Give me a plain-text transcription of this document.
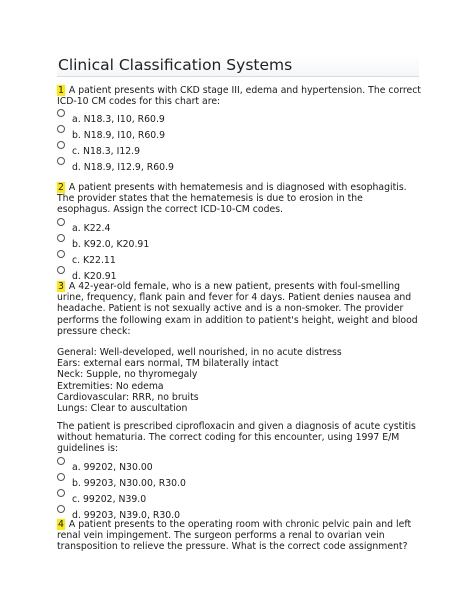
Clinical Classification Systems
1 A patient presents with CKD stage III, edema and hypertension. The correct
ICD-10 CM codes for this chart are:
a. N18.3, I10, R60.9
b. N18.9, I10, R60.9
c. N18.3, I12.9
d. N18.9, I12.9, R60.9
2 A patient presents with hematemesis and is diagnosed with esophagitis.
The provider states that the hematemesis is due to erosion in the
esophagus. Assign the correct ICD-10-CM codes.
a. K22.4
b. K92.0, K20.91
c. K22.11
d. K20.91
3 A 42-year-old female, who is a new patient, presents with foul-smelling
urine, frequency, flank pain and fever for 4 days. Patient denies nausea and
headache. Patient is not sexually active and is a non-smoker. The provider
performs the following exam in addition to patient's height, weight and blood
pressure check:
General: Well-developed, well nourished, in no acute distress
Ears: external ears normal, TM bilaterally intact
Neck: Supple, no thyromegaly
Extremities: No edema
Cardiovascular: RRR, no bruits
Lungs: Clear to auscultation
The patient is prescribed ciprofloxacin and given a diagnosis of acute cystitis
without hematuria. The correct coding for this encounter, using 1997 E/M
guidelines is:
a. 99202, N30.00
b. 99203, N30.00, R30.0
c. 99202, N39.0
d. 99203, N39.0, R30.0
4 A patient presents to the operating room with chronic pelvic pain and left
renal vein impingement. The surgeon performs a renal to ovarian vein
transposition to relieve the pressure. What is the correct code assignment?
